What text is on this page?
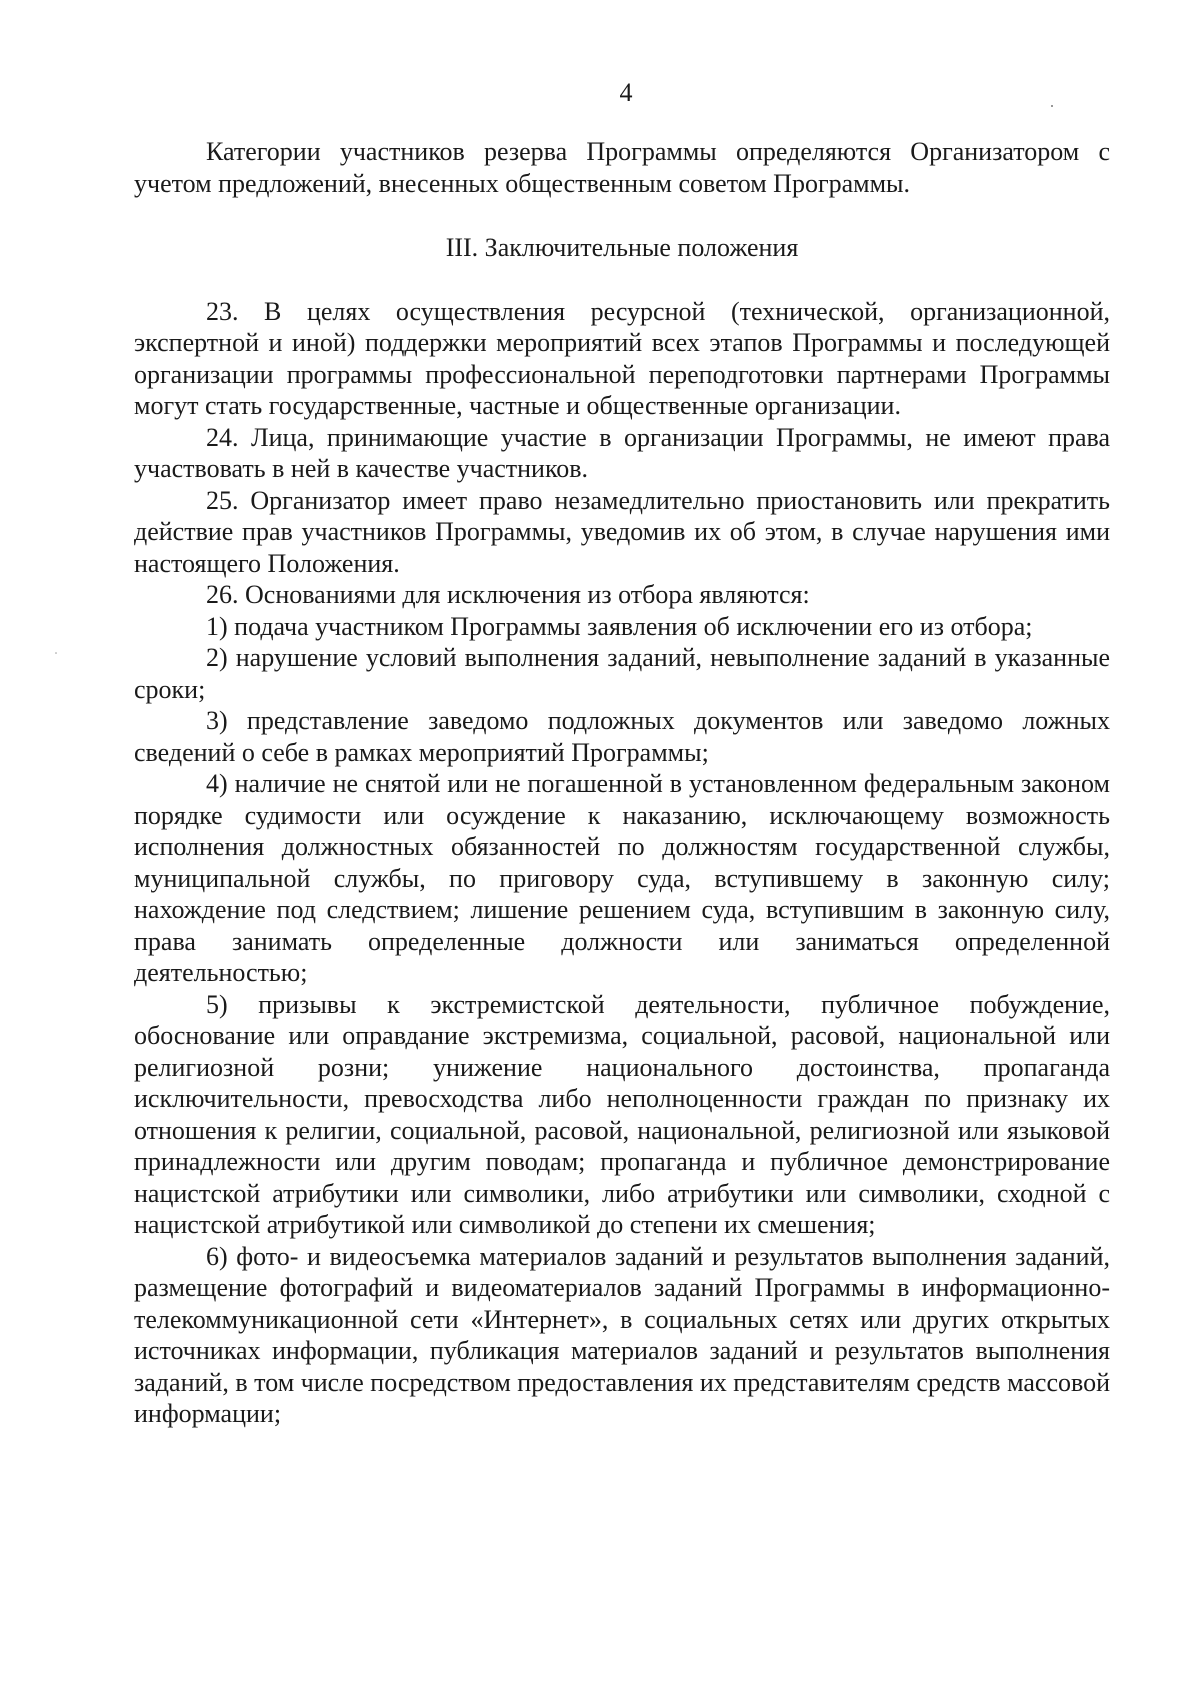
4

Категории участников резерва Программы определяются Организатором с учетом предложений, внесенных общественным советом Программы.

III. Заключительные положения

23. В целях осуществления ресурсной (технической, организационной, экспертной и иной) поддержки мероприятий всех этапов Программы и последующей организации программы профессиональной переподготовки партнерами Программы могут стать государственные, частные и общественные организации.

24. Лица, принимающие участие в организации Программы, не имеют права участвовать в ней в качестве участников.

25. Организатор имеет право незамедлительно приостановить или прекратить действие прав участников Программы, уведомив их об этом, в случае нарушения ими настоящего Положения.

26. Основаниями для исключения из отбора являются:

1) подача участником Программы заявления об исключении его из отбора;

2) нарушение условий выполнения заданий, невыполнение заданий в указанные сроки;

3) представление заведомо подложных документов или заведомо ложных сведений о себе в рамках мероприятий Программы;

4) наличие не снятой или не погашенной в установленном федеральным законом порядке судимости или осуждение к наказанию, исключающему возможность исполнения должностных обязанностей по должностям государственной службы, муниципальной службы, по приговору суда, вступившему в законную силу; нахождение под следствием; лишение решением суда, вступившим в законную силу, права занимать определенные должности или заниматься определенной деятельностью;

5) призывы к экстремистской деятельности, публичное побуждение, обоснование или оправдание экстремизма, социальной, расовой, национальной или религиозной розни; унижение национального достоинства, пропаганда исключительности, превосходства либо неполноценности граждан по признаку их отношения к религии, социальной, расовой, национальной, религиозной или языковой принадлежности или другим поводам; пропаганда и публичное демонстрирование нацистской атрибутики или символики, либо атрибутики или символики, сходной с нацистской атрибутикой или символикой до степени их смешения;

6) фото- и видеосъемка материалов заданий и результатов выполнения заданий, размещение фотографий и видеоматериалов заданий Программы в информационно-телекоммуникационной сети «Интернет», в социальных сетях или других открытых источниках информации, публикация материалов заданий и результатов выполнения заданий, в том числе посредством предоставления их представителям средств массовой информации;
